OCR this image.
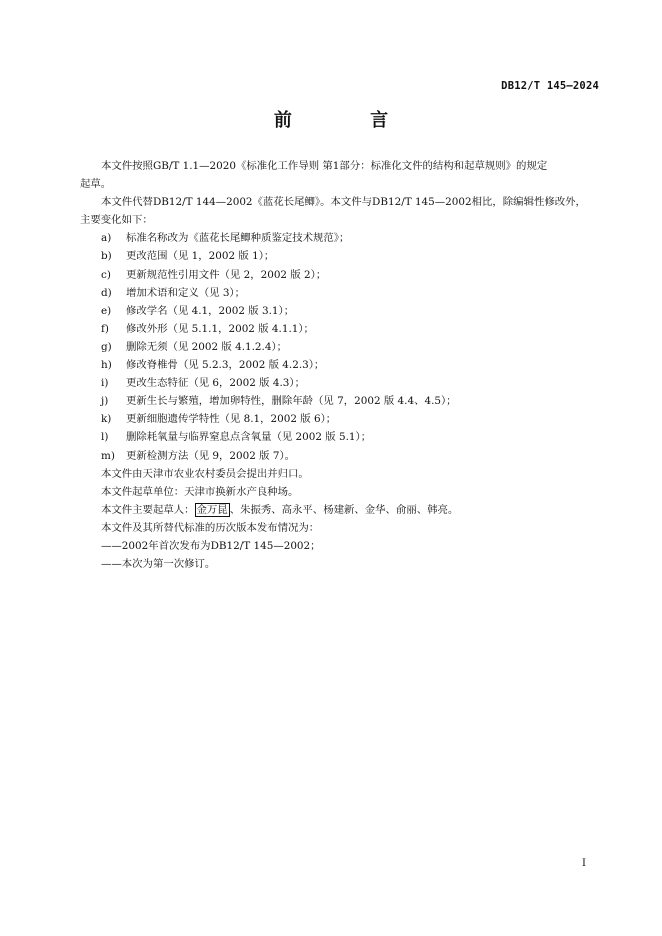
DB12/T 145—2024
前 言

本文件按照GB/T 1.1—2020《标准化工作导则 第1部分：标准化文件的结构和起草规则》的规定

起草。

本文件代替DB12/T 144—2002《蓝花长尾鲫》。本文件与DB12/T 145—2002相比，除编辑性修改外，

主要变化如下：

a) 标准名称改为《蓝花长尾鲫种质鉴定技术规范》；

b) 更改范围（见 1，2002 版 1）；

c) 更新规范性引用文件（见 2，2002 版 2）；

d) 增加术语和定义（见 3）；

e) 修改学名（见 4.1，2002 版 3.1）；

f) 修改外形（见 5.1.1，2002 版 4.1.1）；

g) 删除无须（见 2002 版 4.1.2.4）；

h) 修改脊椎骨（见 5.2.3，2002 版 4.2.3）；

i) 更改生态特征（见 6，2002 版 4.3）；

j) 更新生长与繁殖，增加卵特性，删除年龄（见 7，2002 版 4.4、4.5）；

k) 更新细胞遗传学特性（见 8.1，2002 版 6）；

l) 删除耗氧量与临界窒息点含氧量（见 2002 版 5.1）；

m) 更新检测方法（见 9，2002 版 7）。

本文件由天津市农业农村委员会提出并归口。

本文件起草单位：天津市换新水产良种场。

本文件主要起草人： 金万昆 、朱振秀、高永平、杨建新、金华、俞丽、韩亮。

本文件及其所替代标准的历次版本发布情况为：

——2002年首次发布为DB12/T 145—2002；

——本次为第一次修订。

I
